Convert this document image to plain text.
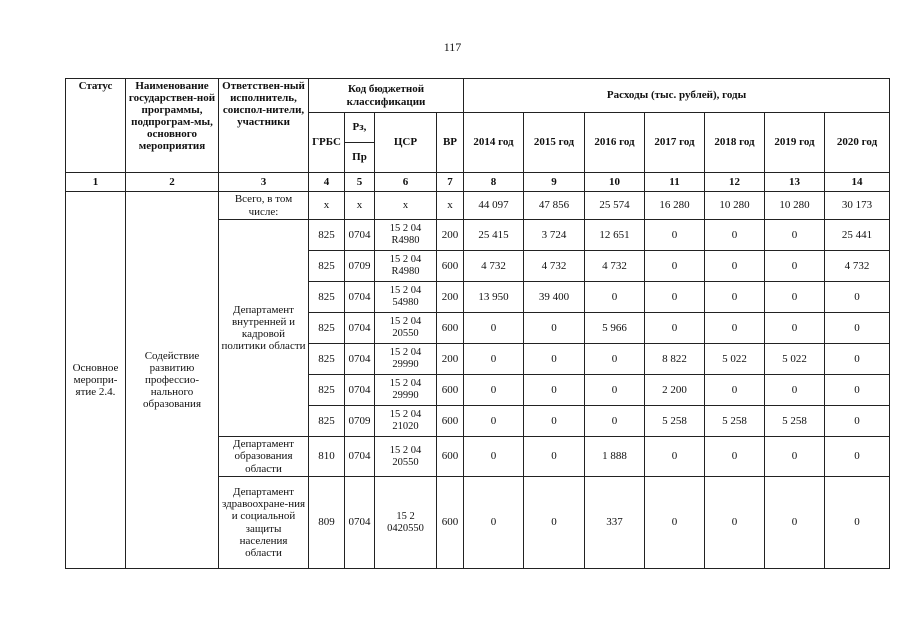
117
Статус	Наименование государствен-ной программы, подпрограм-мы, основного мероприятия	Ответствен-ный исполнитель, соиспол-нители, участники	Код бюджетной классификации				Расходы (тыс. рублей), годы						
			ГРБС	Рз,	ЦСР	ВР	2014 год	2015 год	2016 год	2017 год	2018 год	2019 год	2020 год
				Пр									
1	2	3	4	5	6	7	8	9	10	11	12	13	14
Основное меропри-ятие 2.4.	Содействие развитию профессио-нального образования	Всего, в том числе:	х	х	х	х	44 097	47 856	25 574	16 280	10 280	10 280	30 173
		Департамент внутренней и кадровой политики области	825	0704	15 2 04 R4980	200	25 415	3 724	12 651	0	0	0	25 441
			825	0709	15 2 04 R4980	600	4 732	4 732	4 732	0	0	0	4 732
			825	0704	15 2 04 54980	200	13 950	39 400	0	0	0	0	0
			825	0704	15 2 04 20550	600	0	0	5 966	0	0	0	0
			825	0704	15 2 04 29990	200	0	0	0	8 822	5 022	5 022	0
			825	0704	15 2 04 29990	600	0	0	0	2 200	0	0	0
			825	0709	15 2 04 21020	600	0	0	0	5 258	5 258	5 258	0
		Департамент образования области	810	0704	15 2 04 20550	600	0	0	1 888	0	0	0	0
		Департамент здравоохране-ния и социальной защиты населения области	809	0704	15 2 0420550	600	0	0	337	0	0	0	0
